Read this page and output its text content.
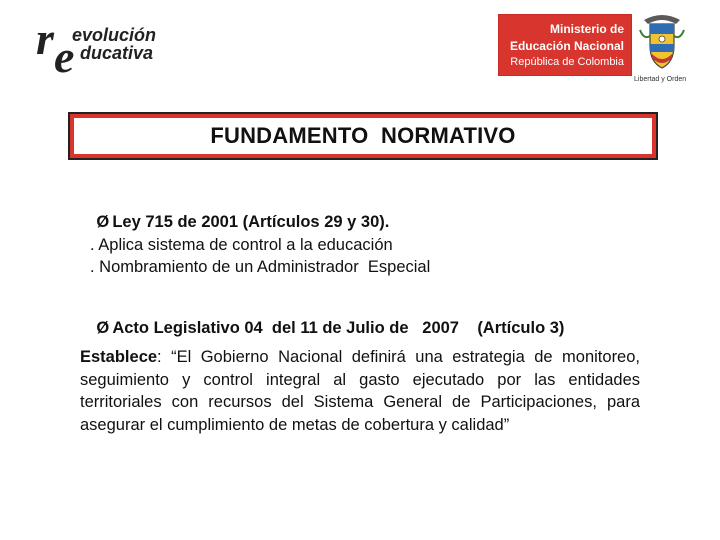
r e
evolución
ducativa
Ministerio de
Educación Nacional
República de Colombia
Libertad y Orden
FUNDAMENTO  NORMATIVO

Ø Ley 715 de 2001 (Artículos 29 y 30).

. Aplica sistema de control a la educación
. Nombramiento de un Administrador  Especial

Ø Acto Legislativo 04  del 11 de Julio de   2007    (Artículo 3)

Establece: “El Gobierno Nacional definirá una estrategia de monitoreo, seguimiento y control integral al gasto ejecutado por las entidades territoriales con recursos del Sistema General de Participaciones, para asegurar el cumplimiento de metas de cobertura y calidad”
